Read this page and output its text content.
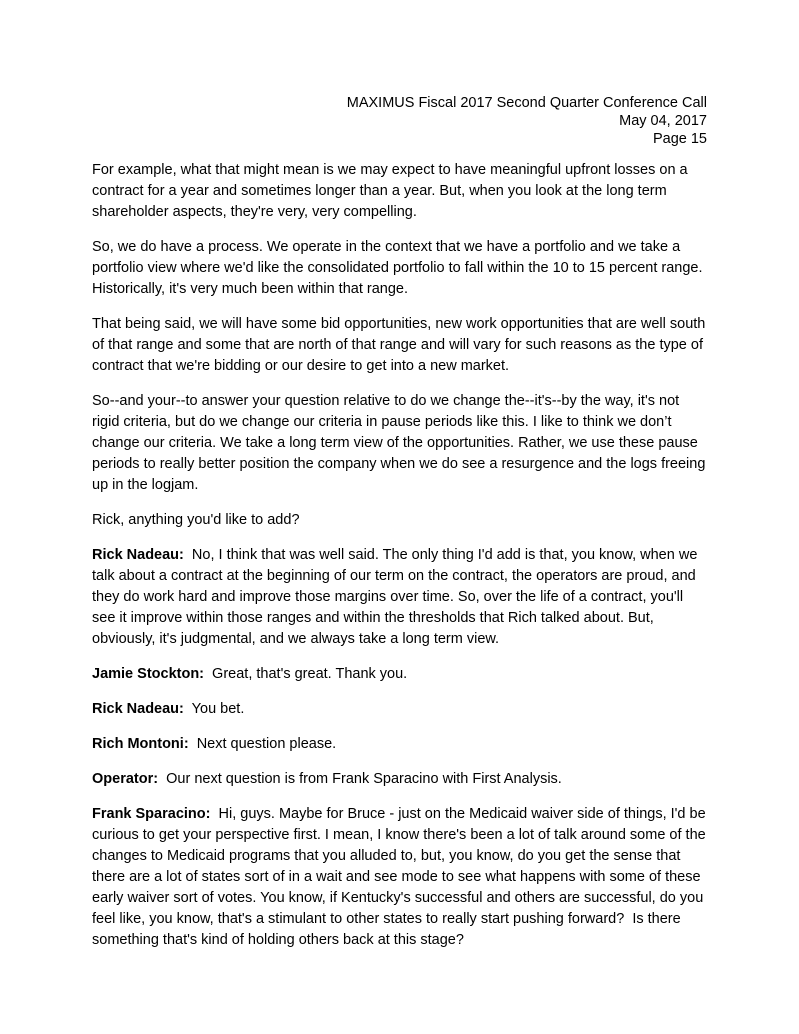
MAXIMUS Fiscal 2017 Second Quarter Conference Call
May 04, 2017
Page 15

For example, what that might mean is we may expect to have meaningful upfront losses on a contract for a year and sometimes longer than a year. But, when you look at the long term shareholder aspects, they're very, very compelling.

So, we do have a process. We operate in the context that we have a portfolio and we take a portfolio view where we'd like the consolidated portfolio to fall within the 10 to 15 percent range. Historically, it's very much been within that range.

That being said, we will have some bid opportunities, new work opportunities that are well south of that range and some that are north of that range and will vary for such reasons as the type of contract that we're bidding or our desire to get into a new market.

So--and your--to answer your question relative to do we change the--it's--by the way, it's not rigid criteria, but do we change our criteria in pause periods like this. I like to think we don’t change our criteria. We take a long term view of the opportunities. Rather, we use these pause periods to really better position the company when we do see a resurgence and the logs freeing up in the logjam.

Rick, anything you'd like to add?

Rick Nadeau:  No, I think that was well said. The only thing I'd add is that, you know, when we talk about a contract at the beginning of our term on the contract, the operators are proud, and they do work hard and improve those margins over time. So, over the life of a contract, you'll see it improve within those ranges and within the thresholds that Rich talked about. But, obviously, it's judgmental, and we always take a long term view.

Jamie Stockton:  Great, that's great. Thank you.

Rick Nadeau:  You bet.

Rich Montoni:  Next question please.

Operator:  Our next question is from Frank Sparacino with First Analysis.

Frank Sparacino:  Hi, guys. Maybe for Bruce - just on the Medicaid waiver side of things, I'd be curious to get your perspective first. I mean, I know there's been a lot of talk around some of the changes to Medicaid programs that you alluded to, but, you know, do you get the sense that there are a lot of states sort of in a wait and see mode to see what happens with some of these early waiver sort of votes. You know, if Kentucky's successful and others are successful, do you feel like, you know, that's a stimulant to other states to really start pushing forward?  Is there something that's kind of holding others back at this stage?
